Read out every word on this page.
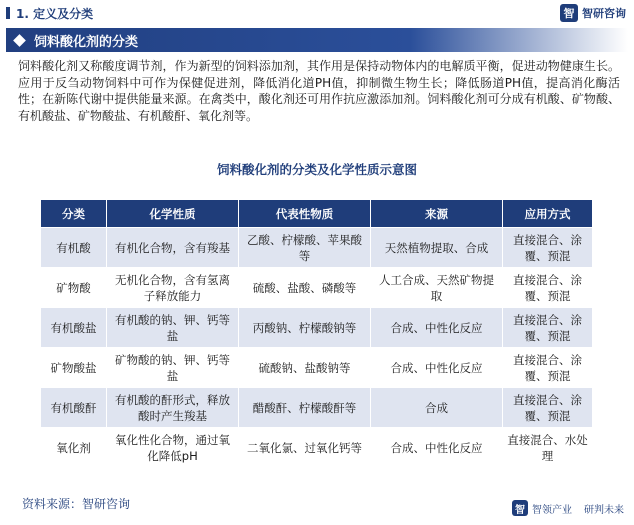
1. 定义及分类	智 智研咨询
饲料酸化剂的分类
饲料酸化剂又称酸度调节剂，作为新型的饲料添加剂，其作用是保持动物体内的电解质平衡，促进动物健康生长。应用于反刍动物饲料中可作为保健促进剂，降低消化道PH值，抑制微生物生长；降低肠道PH值，提高消化酶活性；在新陈代谢中提供能量来源。在禽类中，酸化剂还可用作抗应激添加剂。饲料酸化剂可分成有机酸、矿物酸、有机酸盐、矿物酸盐、有机酸酐、氧化剂等。
饲料酸化剂的分类及化学性质示意图
分类	化学性质	代表性物质	来源	应用方式
有机酸	有机化合物，含有羧基	乙酸、柠檬酸、苹果酸等	天然植物提取、合成	直接混合、涂覆、预混
矿物酸	无机化合物，含有氢离子释放能力	硫酸、盐酸、磷酸等	人工合成、天然矿物提取	直接混合、涂覆、预混
有机酸盐	有机酸的钠、钾、钙等盐	丙酸钠、柠檬酸钠等	合成、中性化反应	直接混合、涂覆、预混
矿物酸盐	矿物酸的钠、钾、钙等盐	硫酸钠、盐酸钠等	合成、中性化反应	直接混合、涂覆、预混
有机酸酐	有机酸的酐形式，释放酸时产生羧基	醋酸酐、柠檬酸酐等	合成	直接混合、涂覆、预混
氧化剂	氧化性化合物，通过氧化降低pH	二氧化氯、过氧化钙等	合成、中性化反应	直接混合、水处理
资料来源：智研咨询	智 智领产业 研判未来
